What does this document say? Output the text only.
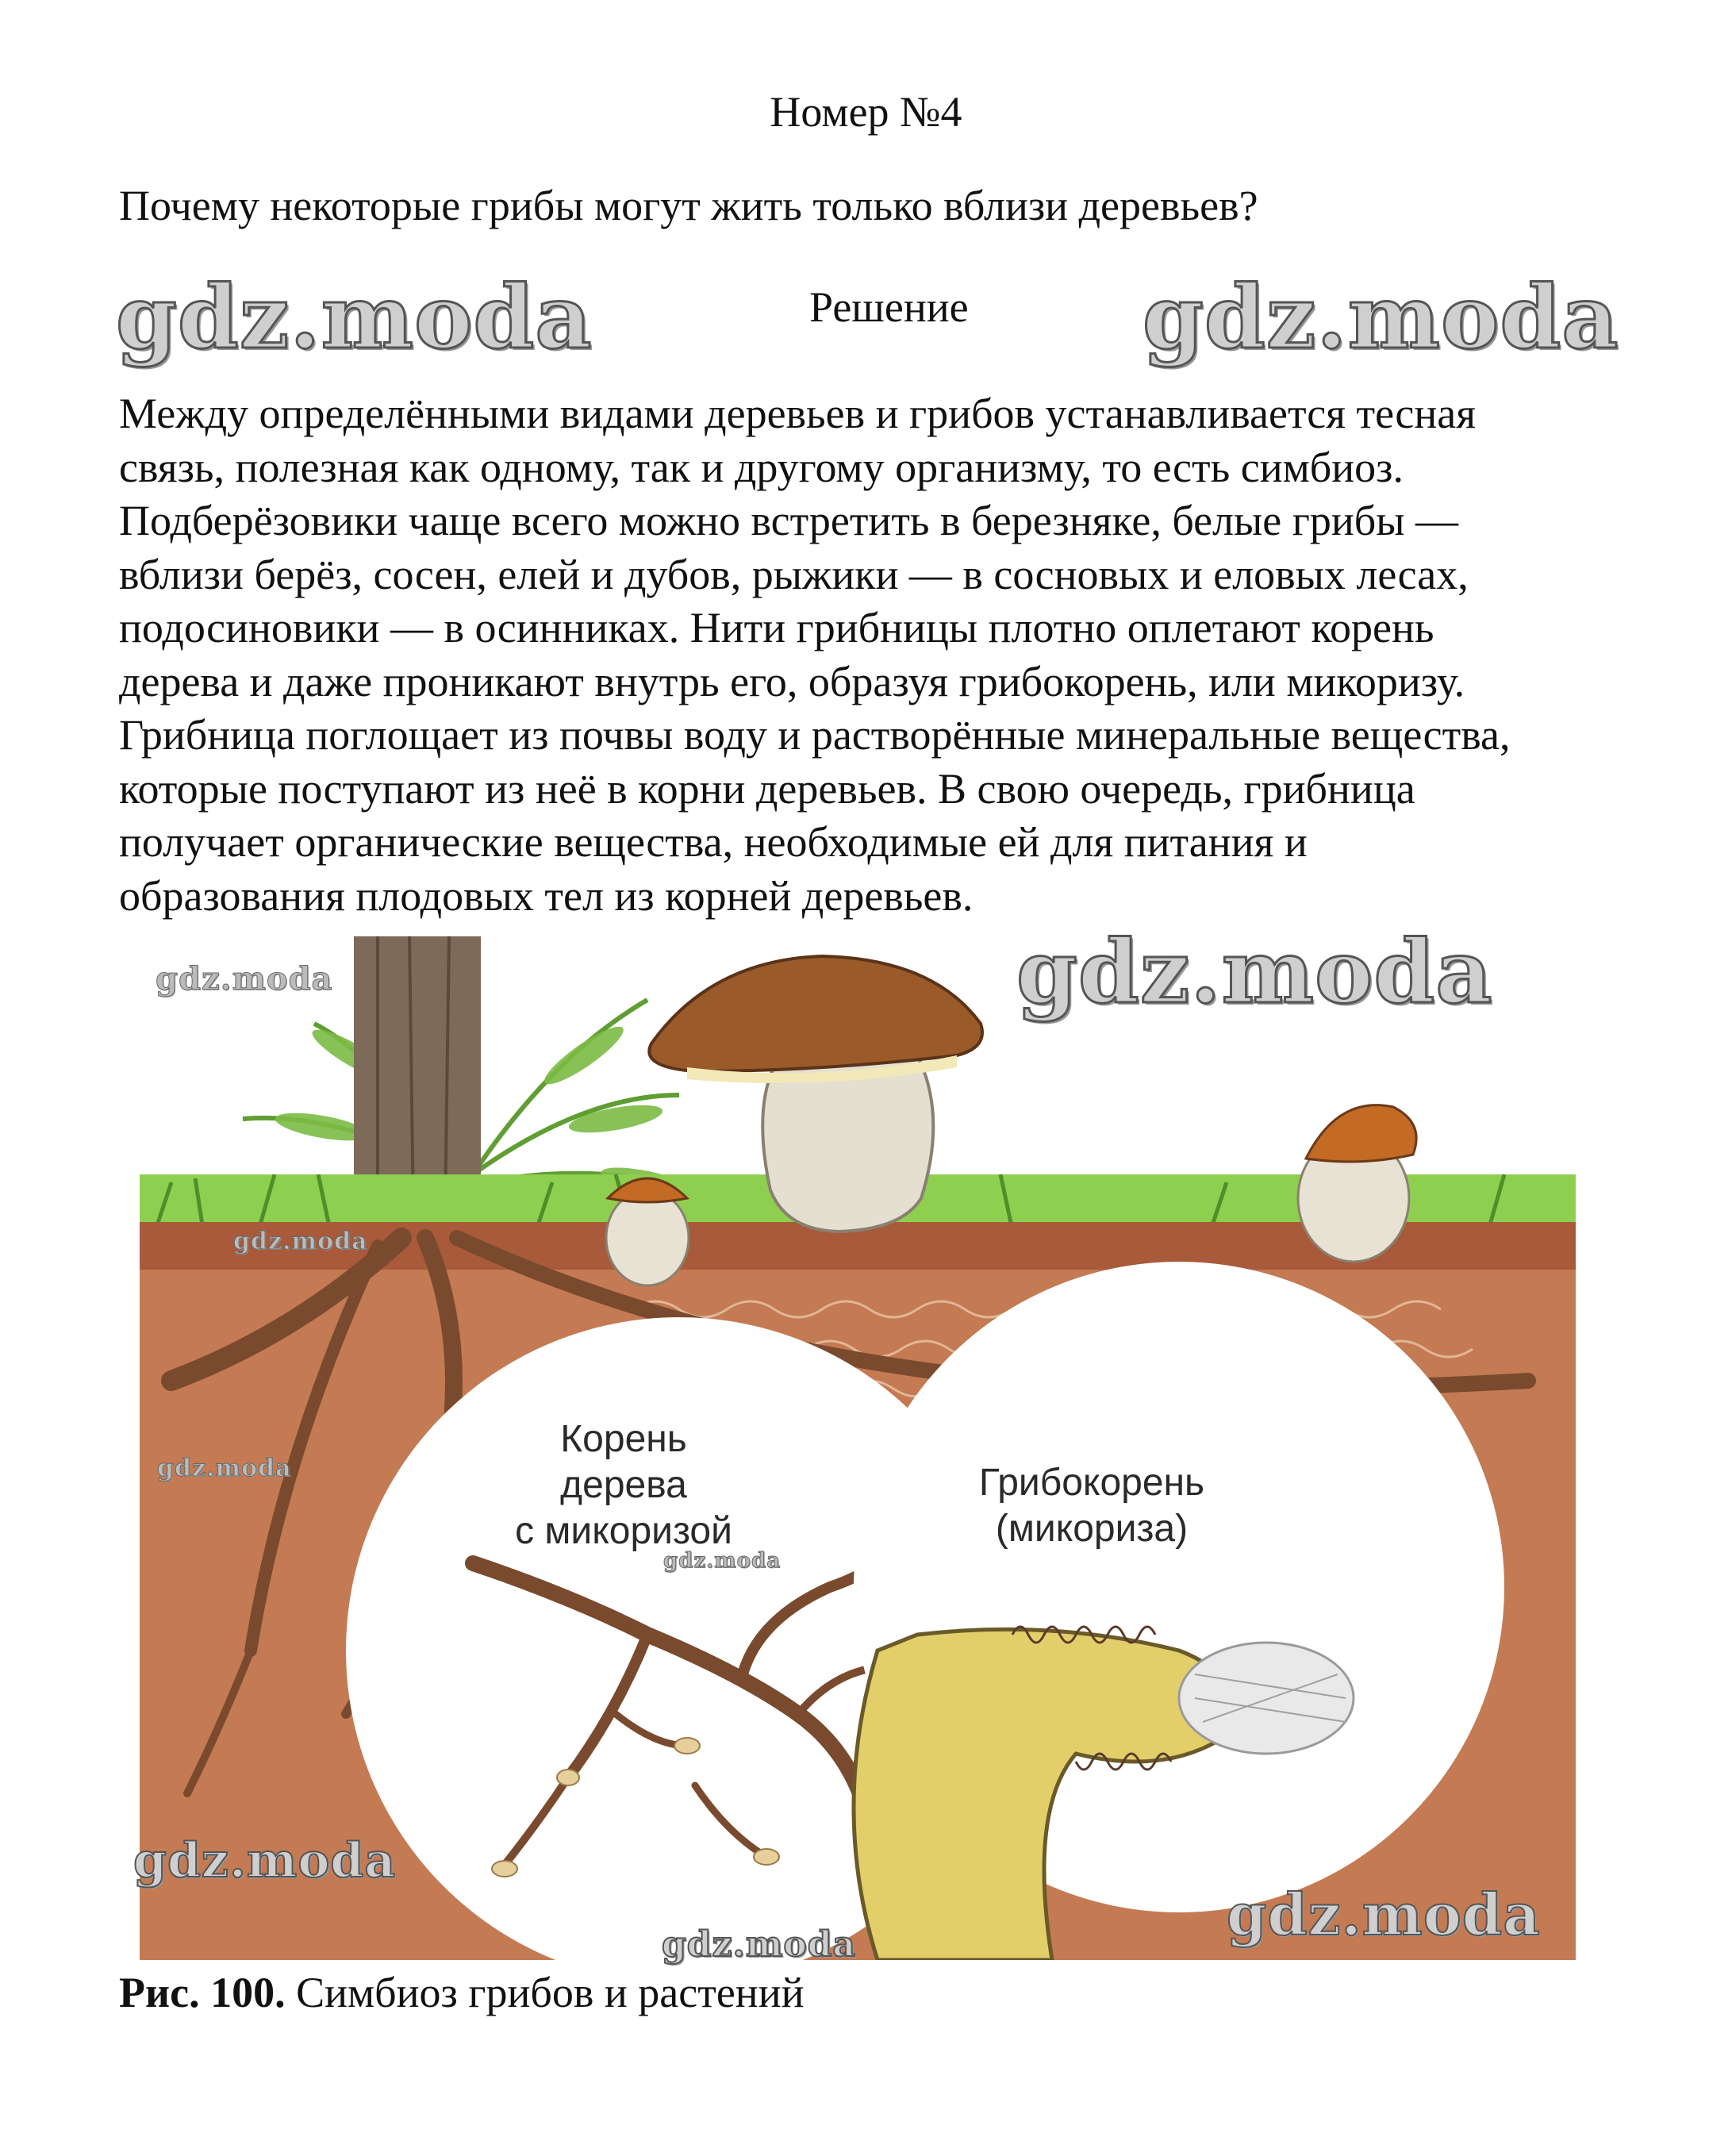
Номер №4
Почему некоторые грибы могут жить только вблизи деревьев?
gdz.moda	Решение gdz.moda

Между определёнными видами деревьев и грибов устанавливается тесная

связь, полезная как одному, так и другому организму, то есть симбиоз.

Подберёзовики чаще всего можно встретить в березняке, белые грибы —

вблизи берёз, сосен, елей и дубов, рыжики — в сосновых и еловых лесах,

подосиновики — в осинниках. Нити грибницы плотно оплетают корень

дерева и даже проникают внутрь его, образуя грибокорень, или микоризу.

Грибница поглощает из почвы воду и растворённые минеральные вещества,

которые поступают из неё в корни деревьев. В свою очередь, грибница

получает органические вещества, необходимые ей для питания и

образования плодовых тел из корней деревьев.

Корень
дерева
с микоризой
Грибокорень
(микориза)
gdz.moda	gdz.moda
gdz.moda
gdz.moda
gdz.moda
gdz.moda
gdz.moda	gdz.moda
Рис. 100. Симбиоз грибов и растений
